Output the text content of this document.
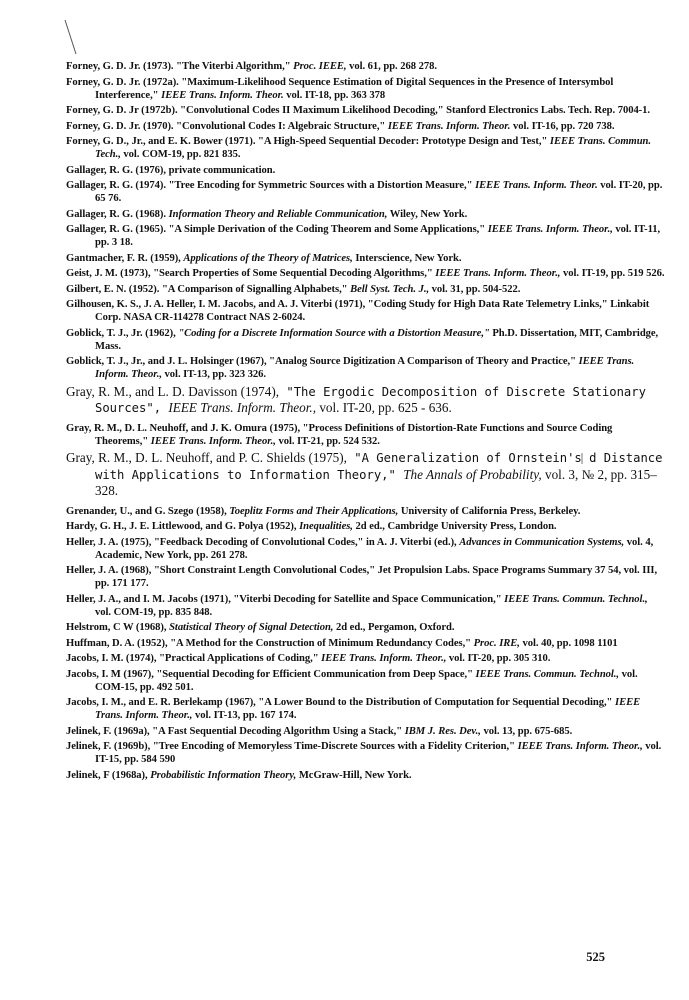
Forney, G. D. Jr. (1973). "The Viterbi Algorithm," Proc. IEEE, vol. 61, pp. 268 278.
Forney, G. D. Jr. (1972a). "Maximum-Likelihood Sequence Estimation of Digital Sequences in the Presence of Intersymbol Interference," IEEE Trans. Inform. Theor. vol. IT-18, pp. 363 378
Forney, G. D. Jr (1972b). "Convolutional Codes II Maximum Likelihood Decoding," Stanford Electronics Labs. Tech. Rep. 7004-1.
Forney, G. D. Jr. (1970). "Convolutional Codes I: Algebraic Structure," IEEE Trans. Inform. Theor. vol. IT-16, pp. 720 738.
Forney, G. D., Jr., and E. K. Bower (1971). "A High-Speed Sequential Decoder: Prototype Design and Test," IEEE Trans. Commun. Tech., vol. COM-19, pp. 821 835.
Gallager, R. G. (1976), private communication.
Gallager, R. G. (1974). "Tree Encoding for Symmetric Sources with a Distortion Measure," IEEE Trans. Inform. Theor. vol. IT-20, pp. 65 76.
Gallager, R. G. (1968). Information Theory and Reliable Communication, Wiley, New York.
Gallager, R. G. (1965). "A Simple Derivation of the Coding Theorem and Some Applications," IEEE Trans. Inform. Theor., vol. IT-11, pp. 3 18.
Gantmacher, F. R. (1959), Applications of the Theory of Matrices, Interscience, New York.
Geist, J. M. (1973), "Search Properties of Some Sequential Decoding Algorithms," IEEE Trans. Inform. Theor., vol. IT-19, pp. 519 526.
Gilbert, E. N. (1952). "A Comparison of Signalling Alphabets," Bell Syst. Tech. J., vol. 31, pp. 504-522.
Gilhousen, K. S., J. A. Heller, I. M. Jacobs, and A. J. Viterbi (1971), "Coding Study for High Data Rate Telemetry Links," Linkabit Corp. NASA CR-114278 Contract NAS 2-6024.
Goblick, T. J., Jr. (1962), "Coding for a Discrete Information Source with a Distortion Measure," Ph.D. Dissertation, MIT, Cambridge, Mass.
Goblick, T. J., Jr., and J. L. Holsinger (1967), "Analog Source Digitization A Comparison of Theory and Practice," IEEE Trans. Inform. Theor., vol. IT-13, pp. 323 326.
Gray, R. M., and L. D. Davisson (1974), "The Ergodic Decomposition of Discrete Stationary Sources", IEEE Trans. Inform. Theor., vol. IT-20, pp. 625 - 636.
Gray, R. M., D. L. Neuhoff, and J. K. Omura (1975), "Process Definitions of Distortion-Rate Functions and Source Coding Theorems," IEEE Trans. Inform. Theor., vol. IT-21, pp. 524 532.
Gray, R. M., D. L. Neuhoff, and P. C. Shields (1975), "A Generalization of Ornstein's d Distance with Applications to Information Theory," The Annals of Probability, vol. 3, № 2, pp. 315–328.
Grenander, U., and G. Szego (1958), Toeplitz Forms and Their Applications, University of California Press, Berkeley.
Hardy, G. H., J. E. Littlewood, and G. Polya (1952), Inequalities, 2d ed., Cambridge University Press, London.
Heller, J. A. (1975), "Feedback Decoding of Convolutional Codes," in A. J. Viterbi (ed.), Advances in Communication Systems, vol. 4, Academic, New York, pp. 261 278.
Heller, J. A. (1968), "Short Constraint Length Convolutional Codes," Jet Propulsion Labs. Space Programs Summary 37 54, vol. III, pp. 171 177.
Heller, J. A., and I. M. Jacobs (1971), "Viterbi Decoding for Satellite and Space Communication," IEEE Trans. Commun. Technol., vol. COM-19, pp. 835 848.
Helstrom, C W (1968), Statistical Theory of Signal Detection, 2d ed., Pergamon, Oxford.
Huffman, D. A. (1952), "A Method for the Construction of Minimum Redundancy Codes," Proc. IRE, vol. 40, pp. 1098 1101
Jacobs, I. M. (1974), "Practical Applications of Coding," IEEE Trans. Inform. Theor., vol. IT-20, pp. 305 310.
Jacobs, I. M (1967), "Sequential Decoding for Efficient Communication from Deep Space," IEEE Trans. Commun. Technol., vol. COM-15, pp. 492 501.
Jacobs, I. M., and E. R. Berlekamp (1967), "A Lower Bound to the Distribution of Computation for Sequential Decoding," IEEE Trans. Inform. Theor., vol. IT-13, pp. 167 174.
Jelinek, F. (1969a), "A Fast Sequential Decoding Algorithm Using a Stack," IBM J. Res. Dev., vol. 13, pp. 675-685.
Jelinek, F. (1969b), "Tree Encoding of Memoryless Time-Discrete Sources with a Fidelity Criterion," IEEE Trans. Inform. Theor., vol. IT-15, pp. 584 590
Jelinek, F (1968a), Probabilistic Information Theory, McGraw-Hill, New York.
525
